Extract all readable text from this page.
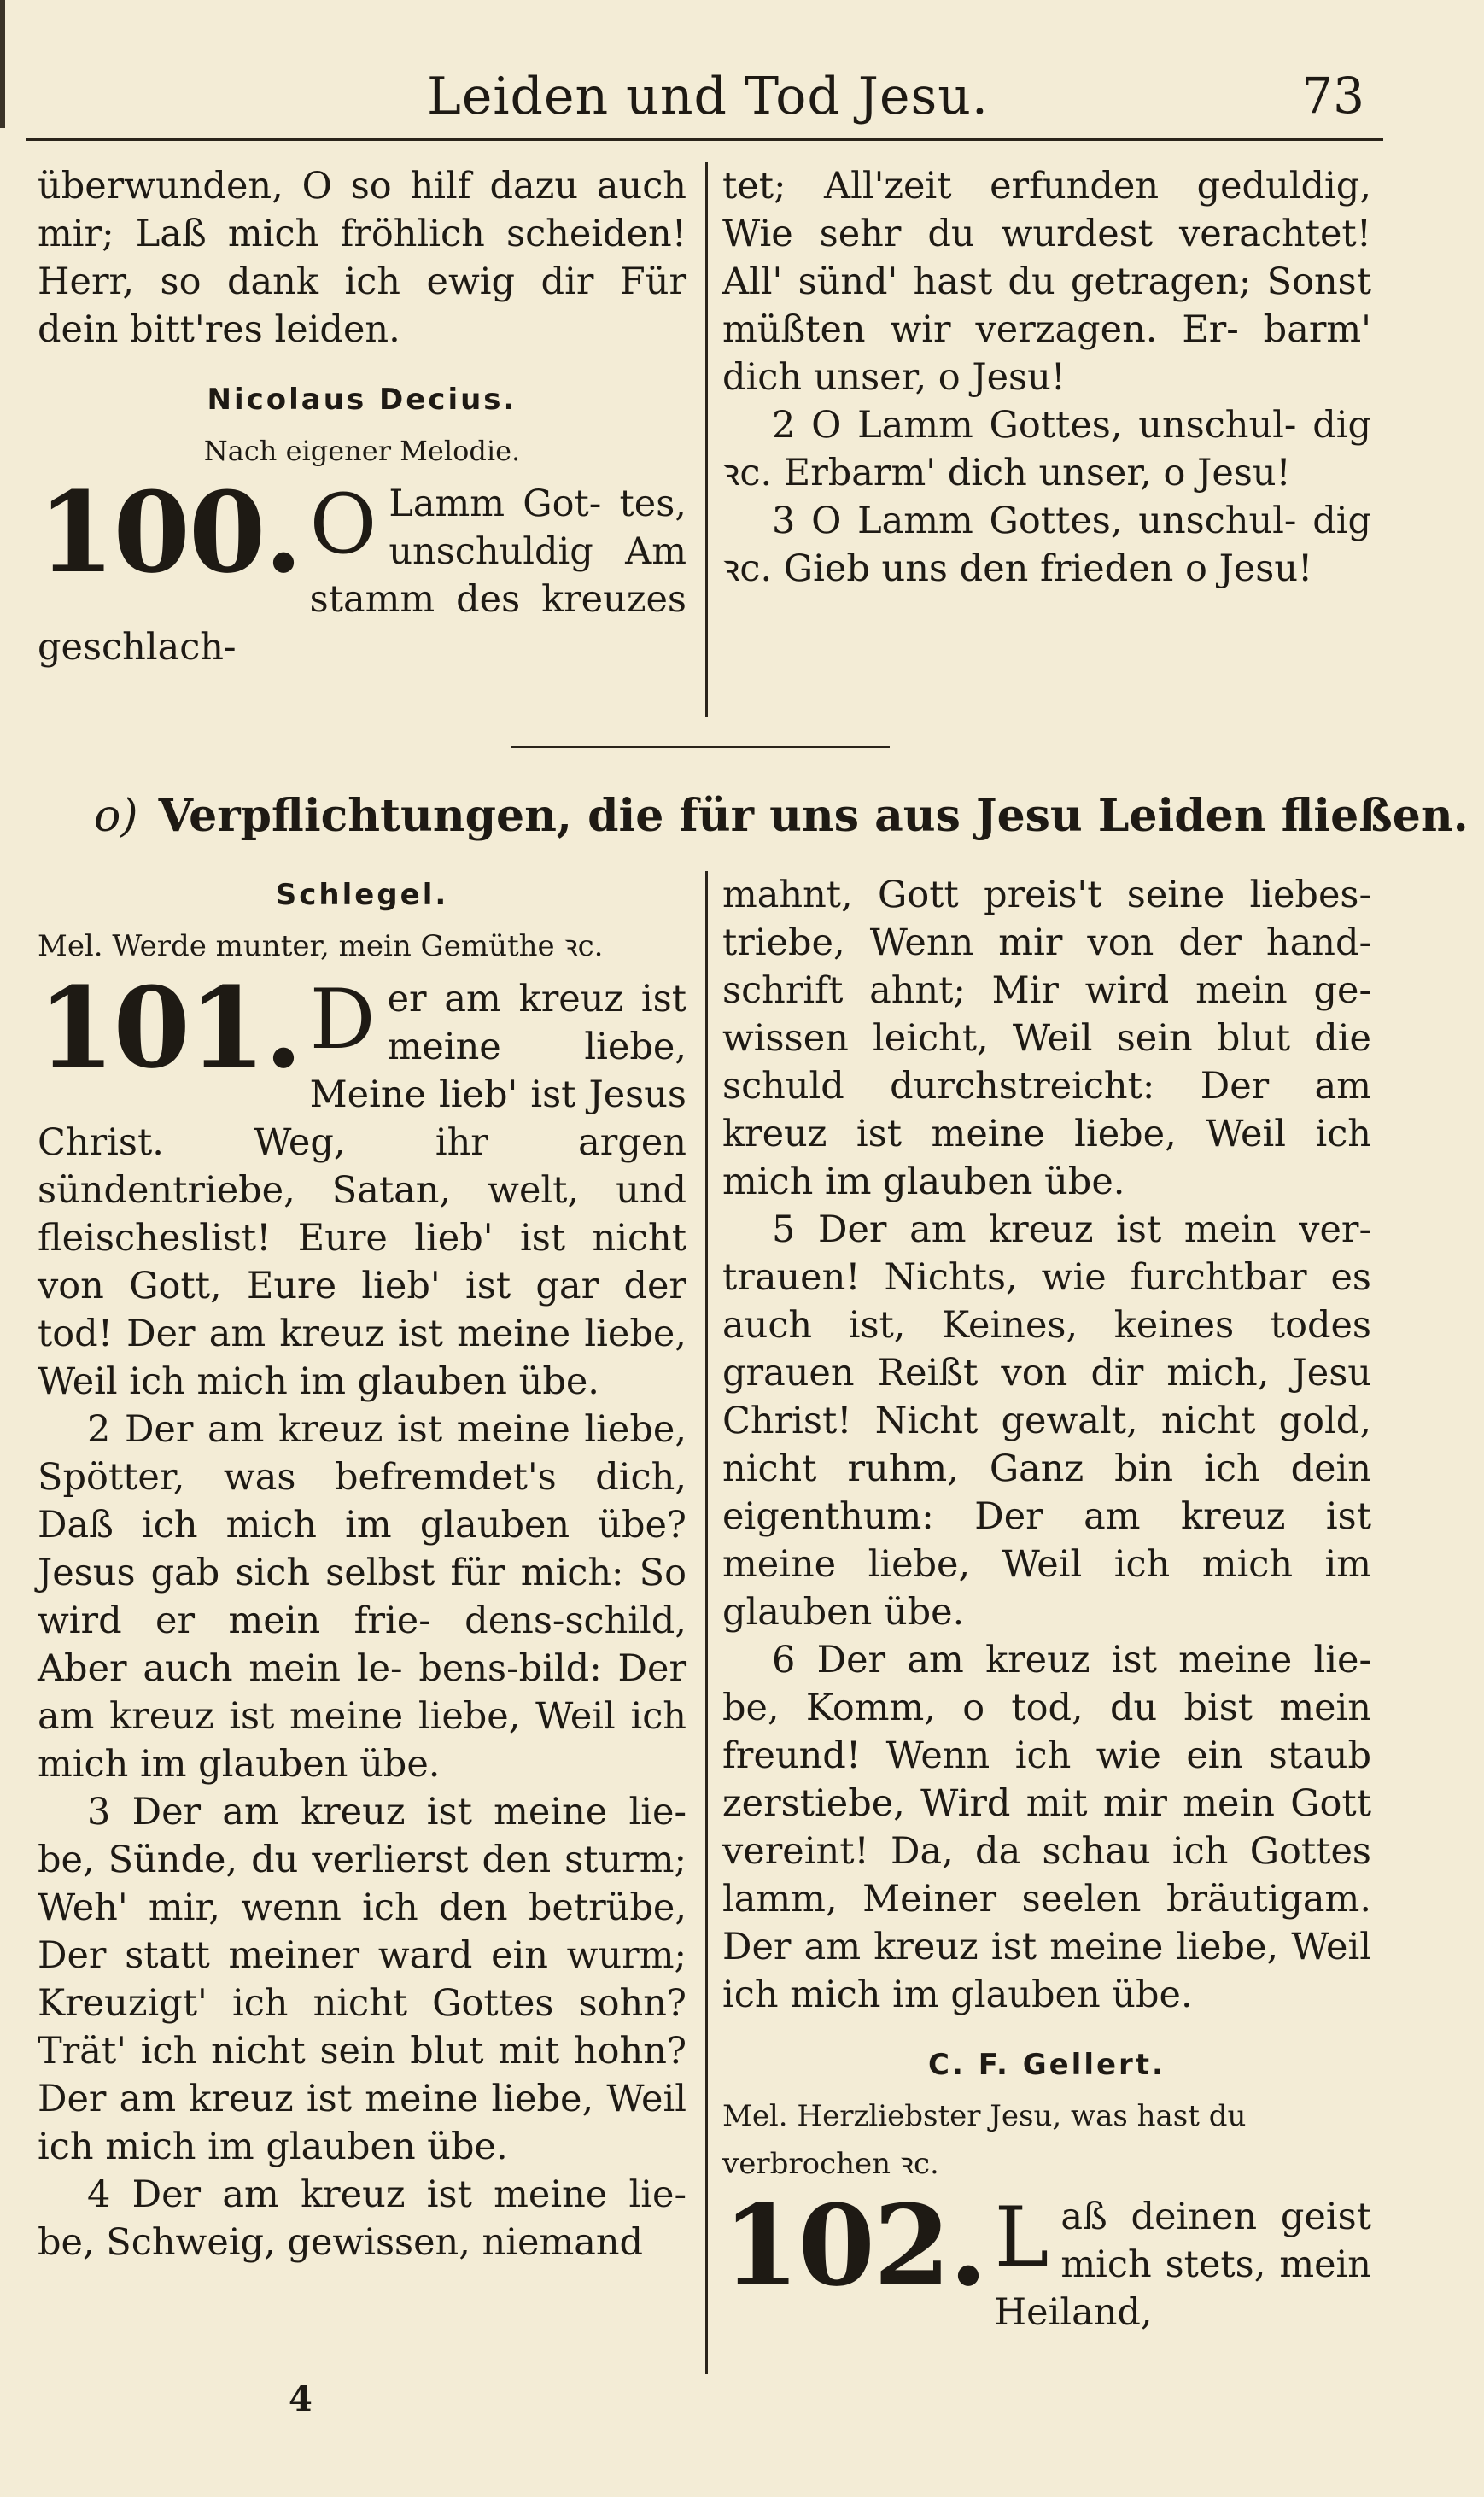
Leiden und Tod Jesu.	73

überwunden, O so hilf dazu auch mir; Laß mich fröhlich scheiden! Herr, so dank ich ewig dir Für dein bitt'res leiden.

Nicolaus Decius.
Nach eigener Melodie.
100. O Lamm Got- tes, unschuldig Am stamm des kreuzes geschlach-

tet; All'zeit erfunden geduldig, Wie sehr du wurdest verachtet! All' sünd' hast du getragen; Sonst müßten wir verzagen. Er- barm' dich unser, o Jesu!

2 O Lamm Gottes, unschul- dig ꝛc. Erbarm' dich unser, o Jesu!

3 O Lamm Gottes, unschul- dig ꝛc. Gieb uns den frieden o Jesu!

o) Verpflichtungen, die für uns aus Jesu Leiden fließen.
Schlegel.
Mel. Werde munter, mein Gemüthe ꝛc.
101. D er am kreuz ist meine liebe, Meine lieb' ist Jesus Christ. Weg, ihr argen sündentriebe, Satan, welt, und fleischeslist! Eure lieb' ist nicht von Gott, Eure lieb' ist gar der tod! Der am kreuz ist meine liebe, Weil ich mich im glauben übe.

2 Der am kreuz ist meine liebe, Spötter, was befremdet's dich, Daß ich mich im glauben übe? Jesus gab sich selbst für mich: So wird er mein frie- dens-schild, Aber auch mein le- bens-bild: Der am kreuz ist meine liebe, Weil ich mich im glauben übe.

3 Der am kreuz ist meine lie- be, Sünde, du verlierst den sturm; Weh' mir, wenn ich den betrübe, Der statt meiner ward ein wurm; Kreuzigt' ich nicht Gottes sohn? Trät' ich nicht sein blut mit hohn? Der am kreuz ist meine liebe, Weil ich mich im glauben übe.

4 Der am kreuz ist meine lie- be, Schweig, gewissen, niemand

mahnt, Gott preis't seine liebes- triebe, Wenn mir von der hand- schrift ahnt; Mir wird mein ge- wissen leicht, Weil sein blut die schuld durchstreicht: Der am kreuz ist meine liebe, Weil ich mich im glauben übe.

5 Der am kreuz ist mein ver- trauen! Nichts, wie furchtbar es auch ist, Keines, keines todes grauen Reißt von dir mich, Jesu Christ! Nicht gewalt, nicht gold, nicht ruhm, Ganz bin ich dein eigenthum: Der am kreuz ist meine liebe, Weil ich mich im glauben übe.

6 Der am kreuz ist meine lie- be, Komm, o tod, du bist mein freund! Wenn ich wie ein staub zerstiebe, Wird mit mir mein Gott vereint! Da, da schau ich Gottes lamm, Meiner seelen bräutigam. Der am kreuz ist meine liebe, Weil ich mich im glauben übe.

C. F. Gellert.
Mel. Herzliebster Jesu, was hast du verbrochen ꝛc.
102. L aß deinen geist mich stets, mein Heiland,
4
